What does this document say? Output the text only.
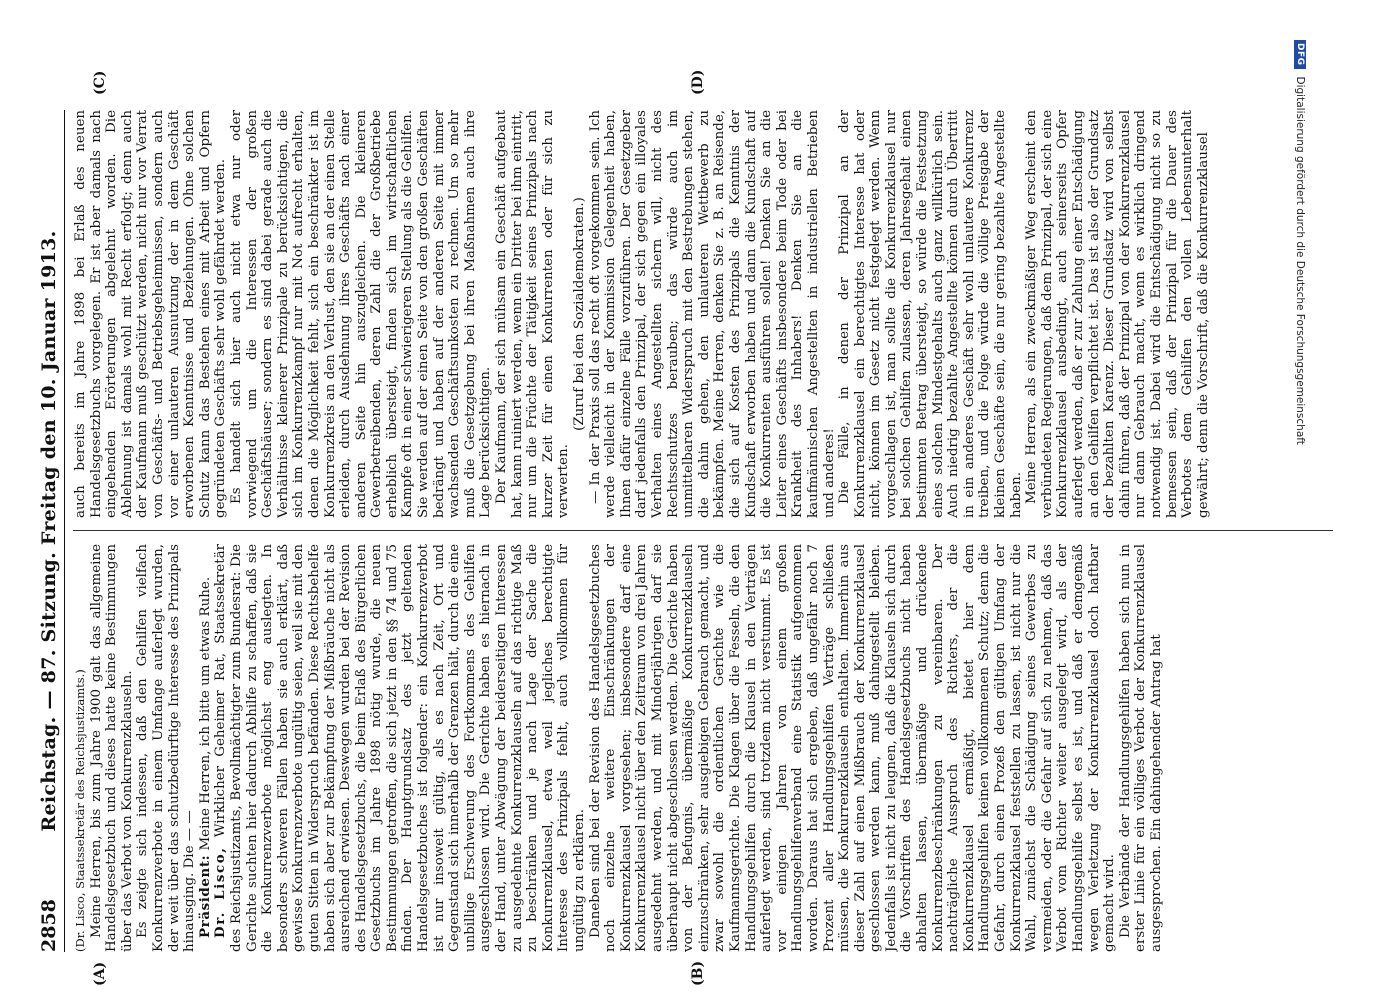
2858
Reichstag. — 87. Sitzung. Freitag den 10. Januar 1913. (Dr. Lisco, Staatssekretär des Reichsjustizamts.) Meine Herren, bis zum Jahre 1900 galt das allgemeine Handelsgesetzbuch und dieses hatte keine Bestimmungen über das Verbot von Konkurrenzklauseln. Es zeigte sich indessen, daß den Gehilfen vielfach Konkurrenzverbote in einem Umfange auferlegt wurden, der weit über das schutzbedürftige Interesse des Prinzipals hinausging. Die — — Präsident: Meine Herren, ich bitte um etwas Ruhe.

Dr. Lisco, Wirklicher Geheimer Rat, Staatssekretär des Reichsjustizamts, Bevollmächtigter zum Bundesrat: Die Gerichte suchten hier dadurch Abhilfe zu schaffen, daß sie die Konkurrenzverbote möglichst eng auslegten. In besonders schweren Fällen haben sie auch erklärt, daß gewisse Konkurrenzverbote ungültig seien, weil sie mit den guten Sitten in Widerspruch befänden. Diese Rechtsbehelfe haben sich aber zur Bekämpfung der Mißbräuche nicht als ausreichend erwiesen. Deswegen wurden bei der Revision des Handelsgesetzbuchs, die beim Erlaß des Bürgerlichen Gesetzbuchs im Jahre 1898 nötig wurde, die neuen Bestimmungen getroffen, die sich jetzt in den §§ 74 und 75 finden. Der Hauptgrundsatz des jetzt geltenden Handelsgesetzbuches ist folgender: ein Konkurrenzverbot ist nur insoweit gültig, als es nach Zeit, Ort und Gegenstand sich innerhalb der Grenzen hält, durch die eine unbillige Erschwerung des Fortkommens des Gehilfen ausgeschlossen wird. Die Gerichte haben es hiernach in der Hand, unter Abwägung der beiderseitigen Interessen zu ausgedehnte Konkurrenzklauseln auf das richtige Maß zu beschränken und je nach Lage der Sache die Konkurrenzklausel, etwa weil jegliches berechtigte Interesse des Prinzipals fehlt, auch vollkommen für ungültig zu erklären. Daneben sind bei der Revision des Handelsgesetzbuches noch einzelne weitere Einschränkungen der Konkurrenzklausel vorgesehen; insbesondere darf eine Konkurrenzklausel nicht über den Zeitraum von drei Jahren ausgedehnt werden, und mit Minderjährigen darf sie überhaupt nicht abgeschlossen werden. Die Gerichte haben von der Befugnis, übermäßige Konkurrenzklauseln einzuschränken, sehr ausgiebigen Gebrauch gemacht, und zwar sowohl die ordentlichen Gerichte wie die Kaufmannsgerichte. Die Klagen über die Fesseln, die den Handlungsgehilfen durch die Klausel in den Verträgen auferlegt werden, sind trotzdem nicht verstummt. Es ist vor einigen Jahren von einem großen Handlungsgehilfenverband eine Statistik aufgenommen worden. Daraus hat sich ergeben, daß ungefähr noch 7 Prozent aller Handlungsgehilfen Verträge schließen müssen, die Konkurrenzklauseln enthalten. Immerhin aus dieser Zahl auf einen Mißbrauch der Konkurrenzklausel geschlossen werden kann, muß dahingestellt bleiben. Jedenfalls ist nicht zu leugnen, daß die Klauseln sich durch die Vorschriften des Handelsgesetzbuchs nicht haben abhalten lassen, übermäßige und drückende Konkurrenzbeschränkungen zu vereinbaren. Der nachträgliche Ausspruch des Richters, der die Konkurrenzklausel ermäßigt, bietet hier dem Handlungsgehilfen keinen vollkommenen Schutz; denn die Gefahr, durch einen Prozeß den gültigen Umfang der Konkurrenzklausel feststellen zu lassen, ist nicht nur die Wahl, zunächst die Schädigung seines Gewerbes zu vermeiden, oder die Gefahr auf sich zu nehmen, daß das Verbot vom Richter weiter ausgelegt wird, als der Handlungsgehilfe selbst es ist, und daß er demgemäß wegen Verletzung der Konkurrenzklausel doch haftbar gemacht wird. Die Verbände der Handlungsgehilfen haben sich nun in erster Linie für ein völliges Verbot der Konkurrenzklausel ausgesprochen. Ein dahingehender Antrag hat

auch bereits im Jahre 1898 bei Erlaß des neuen Handelsgesetzbuchs vorgelegen. Er ist aber damals nach eingehenden Erörterungen abgelehnt worden. Die Ablehnung ist damals wohl mit Recht erfolgt; denn auch der Kaufmann muß geschützt werden, nicht nur vor Verrat von Geschäfts- und Betriebsgeheimnissen, sondern auch vor einer unlauteren Ausnutzung der in dem Geschäft erworbenen Kenntnisse und Beziehungen. Ohne solchen Schutz kann das Bestehen eines mit Arbeit und Opfern gegründeten Geschäfts sehr wohl gefährdet werden. Es handelt sich hier auch nicht etwa nur oder vorwiegend um die Interessen der großen Geschäftshäuser; sondern es sind dabei gerade auch die Verhältnisse kleinerer Prinzipale zu berücksichtigen, die sich im Konkurrenzkampf nur mit Not aufrecht erhalten, denen die Möglichkeit fehlt, sich ein beschränkter ist im Konkurrenzkreis an den Verlust, den sie an der einen Stelle erleiden, durch Ausdehnung ihres Geschäfts nach einer anderen Seite hin auszugleichen. Die kleineren Gewerbetreibenden, deren Zahl die der Großbetriebe erheblich übersteigt, finden sich im wirtschaftlichen Kampfe oft in einer schwierigeren Stellung als die Gehilfen. Sie werden auf der einen Seite von den großen Geschäften bedrängt und haben auf der anderen Seite mit immer wachsenden Geschäftsunkosten zu rechnen. Um so mehr muß die Gesetzgebung bei ihren Maßnahmen auch ihre Lage berücksichtigen. Der Kaufmann, der sich mühsam ein Geschäft aufgebaut hat, kann ruiniert werden, wenn ein Dritter bei ihm eintritt, nur um die Früchte der Tätigkeit seines Prinzipals nach kurzer Zeit für einen Konkurrenten oder für sich zu verwerten.

(Zuruf bei den Sozialdemokraten.) — In der Praxis soll das recht oft vorgekommen sein. Ich werde vielleicht in der Kommission Gelegenheit haben, Ihnen dafür einzelne Fälle vorzuführen. Der Gesetzgeber darf jedenfalls den Prinzipal, der sich gegen ein illoyales Verhalten eines Angestellten sichern will, nicht des Rechtsschutzes berauben; das würde auch im unmittelbaren Widerspruch mit den Bestrebungen stehen, die dahin gehen, den unlauteren Wettbewerb zu bekämpfen. Meine Herren, denken Sie z. B. an Reisende, die sich auf Kosten des Prinzipals die Kenntnis der Kundschaft erworben haben und dann die Kundschaft auf die Konkurrenten ausführen sollen! Denken Sie an die Leiter eines Geschäfts insbesondere beim Tode oder bei Krankheit des Inhabers! Denken Sie an die kaufmännischen Angestellten in industriellen Betrieben und anderes! Die Fälle, in denen der Prinzipal an der Konkurrenzklausel ein berechtigtes Interesse hat oder nicht, können im Gesetz nicht festgelegt werden. Wenn vorgeschlagen ist, man sollte die Konkurrenzklausel nur bei solchen Gehilfen zulassen, deren Jahresgehalt einen bestimmten Betrag übersteigt, so würde die Festsetzung eines solchen Mindestgehalts auch ganz willkürlich sein. Auch niedrig bezahlte Angestellte können durch Übertritt in ein anderes Geschäft sehr wohl unlautere Konkurrenz treiben, und die Folge würde die völlige Preisgabe der kleinen Geschäfte sein, die nur gering bezahlte Angestellte haben. Meine Herren, als ein zweckmäßiger Weg erscheint den verbündeten Regierungen, daß dem Prinzipal, der sich eine Konkurrenzklausel ausbedingt, auch seinerseits Opfer auferlegt werden, daß er zur Zahlung einer Entschädigung an den Gehilfen verpflichtet ist. Das ist also der Grundsatz der bezahlten Karenz. Dieser Grundsatz wird von selbst dahin führen, daß der Prinzipal von der Konkurrenzklausel nur dann Gebrauch macht, wenn es wirklich dringend notwendig ist. Dabei wird die Entschädigung nicht so zu bemessen sein, daß der Prinzipal für die Dauer des Verbotes dem Gehilfen den vollen Lebensunterhalt gewährt; denn die Vorschrift, daß die Konkurrenzklausel

(A)	(B)
(C)	(D)
DFG
Digitalisierung gefördert durch die Deutsche Forschungsgemeinschaft
